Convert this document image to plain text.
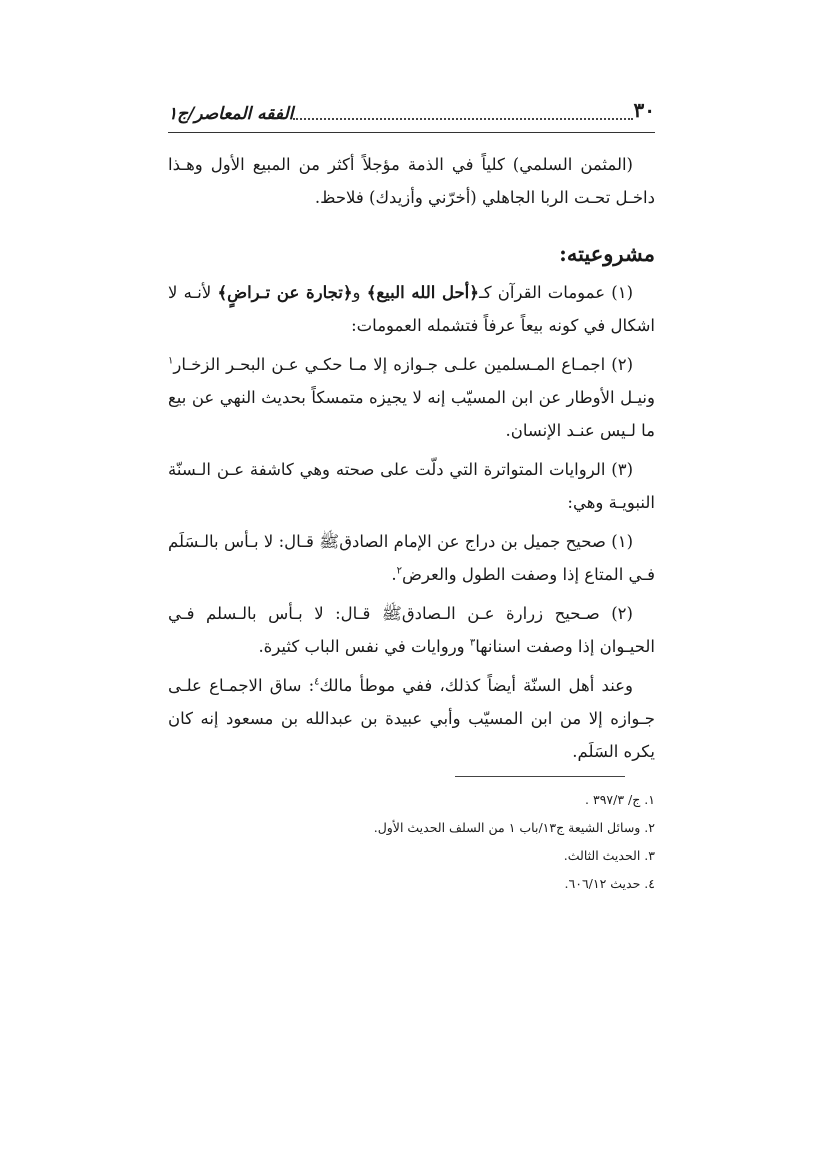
٣٠
الفقه المعاصر/ج١

(المثمن السلمي) كلياً في الذمة مؤجلاً أكثر من المبيع الأول وهـذا داخـل تحـت الربا الجاهلي (أخرّني وأزيدك) فلاحظ.

مشروعيته:

(١) عمومات القرآن كـ﴿أحل الله البيع﴾ و﴿تجارة عن تـراضٍ﴾ لأنـه لا اشكال في كونه بيعاً عرفاً فتشمله العمومات:

(٢) اجمـاع المـسلمين علـى جـوازه إلا مـا حكـي عـن البحـر الزخـار$^١$ ونيـل الأوطار عن ابن المسيّب إنه لا يجيزه متمسكاً بحديث النهي عن بيع ما لـيس عنـد الإنسان.

(٣) الروايات المتواترة التي دلّت على صحته وهي كاشفة عـن الـسنّة النبويـة وهي:

(١) صحيح جميل بن دراج عن الإمام الصادقﷺ قـال: لا بـأس بالـسَلَم فـي المتاع إذا وصفت الطول والعرض$^٢$.

(٢) صـحيح زرارة عـن الـصادقﷺ قـال: لا بـأس بالـسلم فـي الحيـوان إذا وصفت اسنانها$^٣$ وروايات في نفس الباب كثيرة.

وعند أهل السنّة أيضاً كذلك، ففي موطأ مالك$^٤$: ساق الاجمـاع علـى جـوازه إلا من ابن المسيّب وأبي عبيدة بن عبدالله بن مسعود إنه كان يكره السَلَم.

١. ج/ ٣٩٧/٣ .

٢. وسائل الشيعة ج١٣/باب ١ من السلف الحديث الأول.

٣. الحديث الثالث.

٤. حديث ٦٠٦/١٢.
